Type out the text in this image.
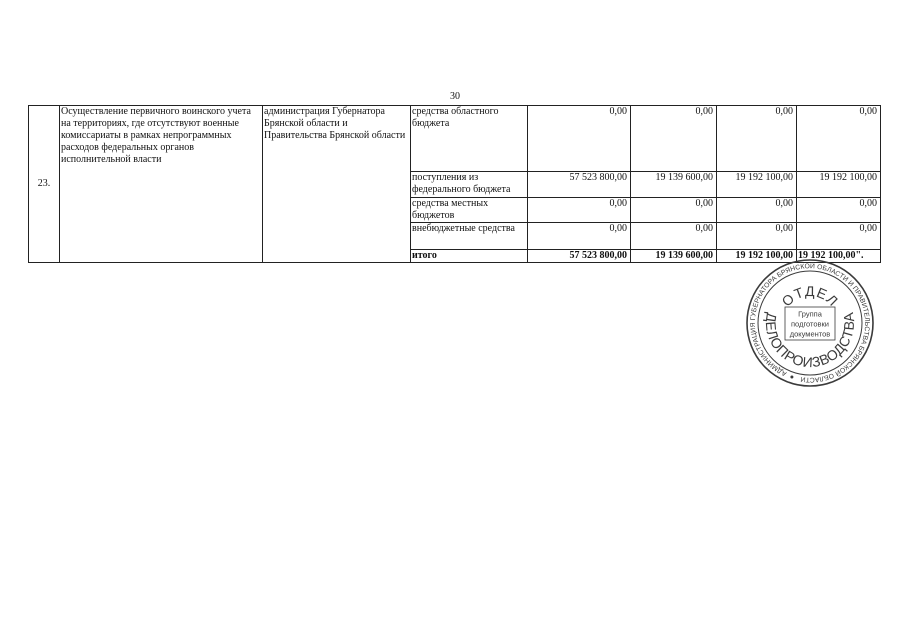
30
23.	Осуществление первичного воинского учета
на территориях, где отсутствуют военные
комиссариаты в рамках непрограммных
расходов федеральных органов
исполнительной власти	администрация Губернатора
Брянской области и
Правительства Брянской области	средства областного
бюджета	0,00	0,00	0,00	0,00

			поступления из
федерального бюджета	57 523 800,00	19 139 600,00	19 192 100,00	19 192 100,00

			средства местных
бюджетов	0,00	0,00	0,00	0,00

			внебюджетные средства	0,00	0,00	0,00	0,00

			итого	57 523 800,00	19 139 600,00	19 192 100,00	19 192 100,00".
АДМИНИСТРАЦИЯ ГУБЕРНАТОРА БРЯНСКОЙ ОБЛАСТИ И ПРАВИТЕЛЬСТВА БРЯНСКОЙ ОБЛАСТИ
ОТДЕЛ
ДЕЛОПРОИЗВОДСТВА
Группа
подготовки
документов
